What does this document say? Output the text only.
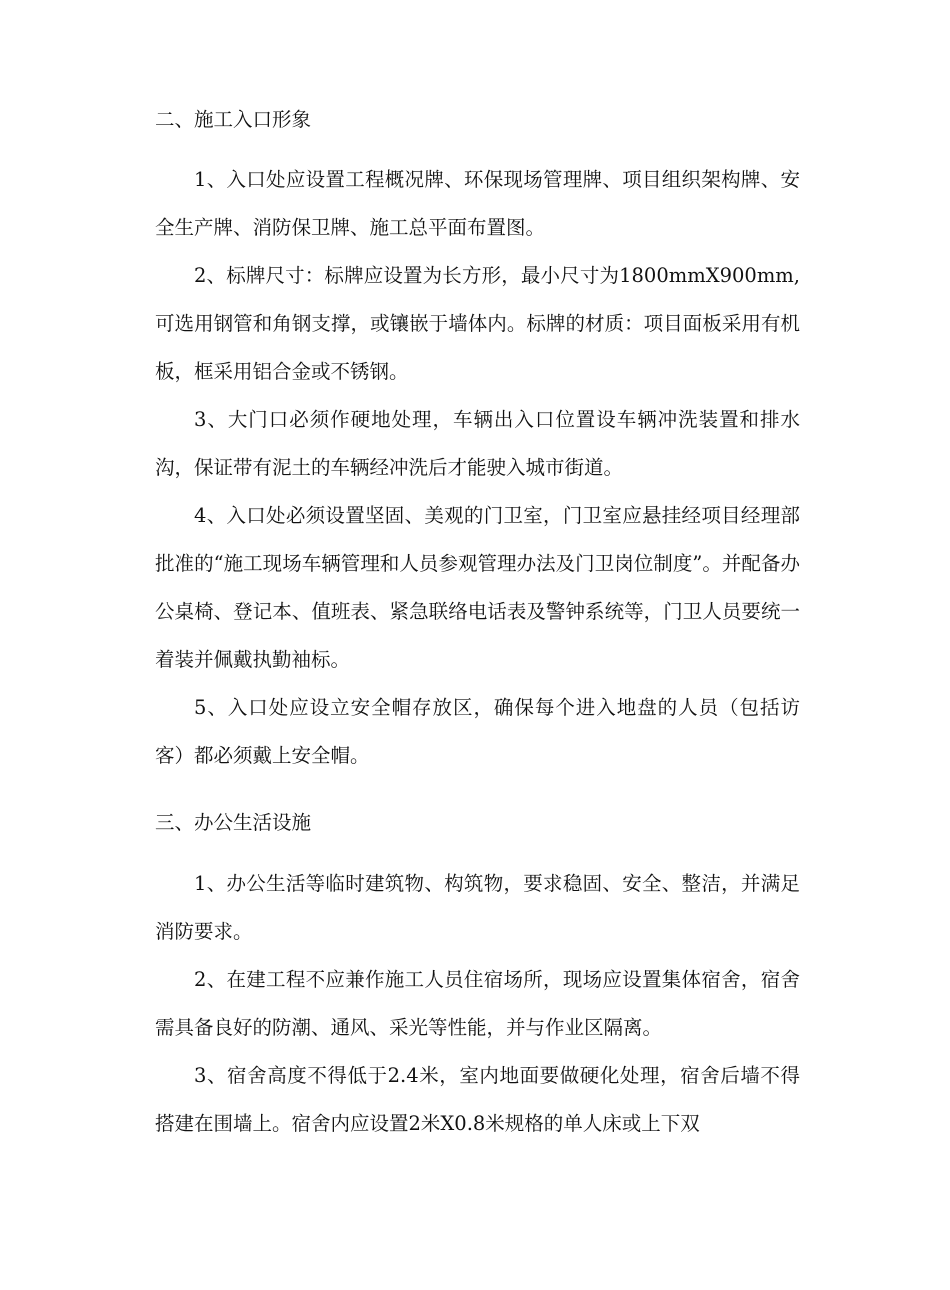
二、施工入口形象

1、入口处应设置工程概况牌、环保现场管理牌、项目组织架构牌、安全生产牌、消防保卫牌、施工总平面布置图。

2、标牌尺寸：标牌应设置为长方形，最小尺寸为1800mmX900mm,可选用钢管和角钢支撑，或镶嵌于墙体内。标牌的材质：项目面板采用有机板，框采用铝合金或不锈钢。

3、大门口必须作硬地处理，车辆出入口位置设车辆冲洗装置和排水沟，保证带有泥土的车辆经冲洗后才能驶入城市街道。

4、入口处必须设置坚固、美观的门卫室，门卫室应悬挂经项目经理部批准的“施工现场车辆管理和人员参观管理办法及门卫岗位制度”。并配备办公桌椅、登记本、值班表、紧急联络电话表及警钟系统等，门卫人员要统一着装并佩戴执勤袖标。

5、入口处应设立安全帽存放区，确保每个进入地盘的人员（包括访客）都必须戴上安全帽。

三、办公生活设施

1、办公生活等临时建筑物、构筑物，要求稳固、安全、整洁，并满足消防要求。

2、在建工程不应兼作施工人员住宿场所，现场应设置集体宿舍，宿舍需具备良好的防潮、通风、采光等性能，并与作业区隔离。

3、宿舍高度不得低于2.4米，室内地面要做硬化处理，宿舍后墙不得搭建在围墙上。宿舍内应设置2米X0.8米规格的单人床或上下双
